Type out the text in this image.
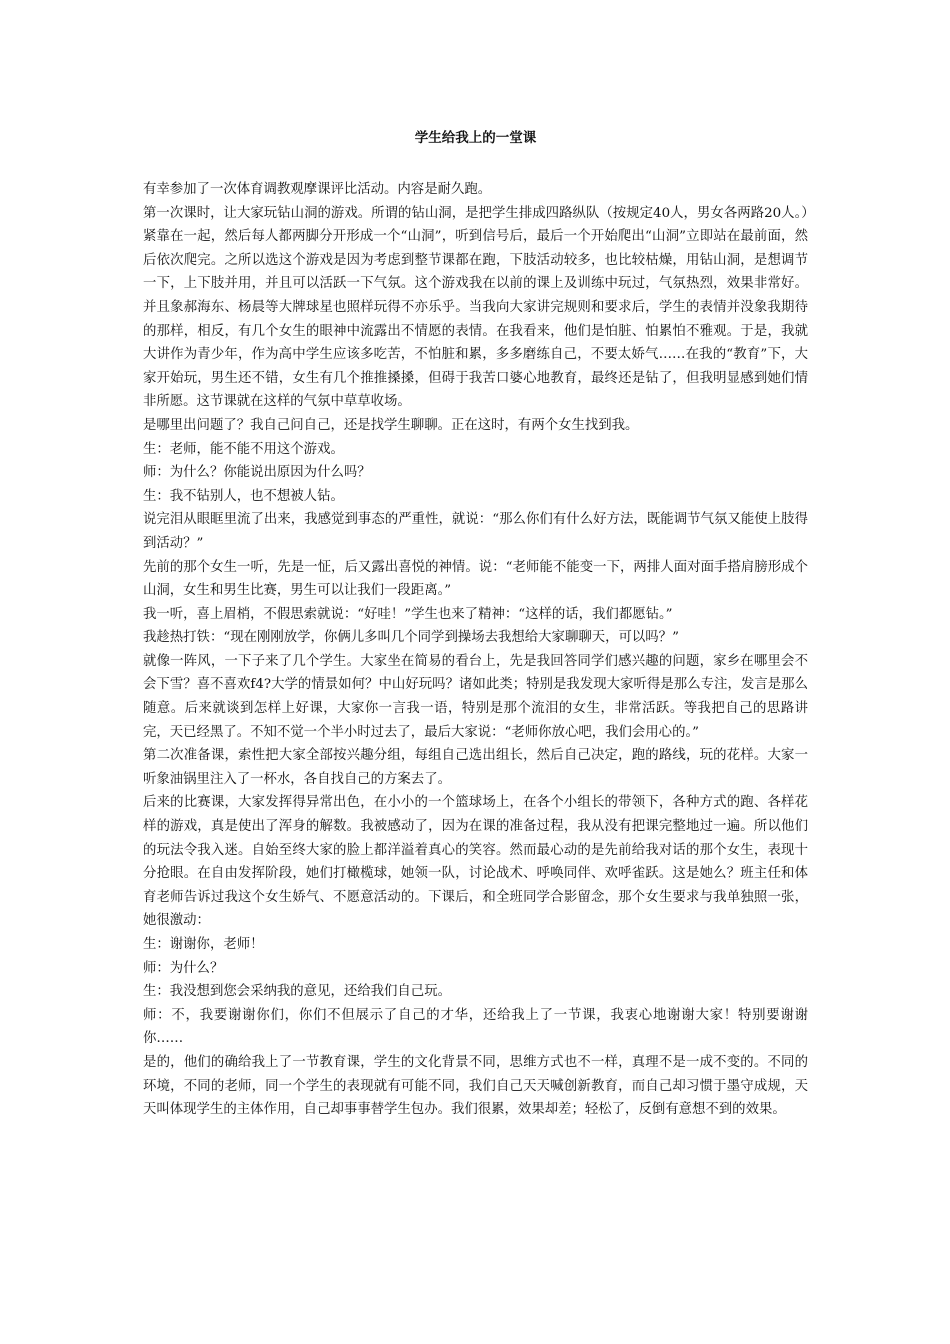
学生给我上的一堂课

有幸参加了一次体育调教观摩课评比活动。内容是耐久跑。

第一次课时，让大家玩钻山洞的游戏。所谓的钻山洞，是把学生排成四路纵队（按规定40人，男女各两路20人。）紧靠在一起，然后每人都两脚分开形成一个“山洞”，听到信号后，最后一个开始爬出“山洞”立即站在最前面，然后依次爬完。之所以选这个游戏是因为考虑到整节课都在跑，下肢活动较多，也比较枯燥，用钻山洞，是想调节一下，上下肢并用，并且可以活跃一下气氛。这个游戏我在以前的课上及训练中玩过，气氛热烈，效果非常好。并且象郝海东、杨晨等大牌球星也照样玩得不亦乐乎。当我向大家讲完规则和要求后，学生的表情并没象我期待的那样，相反，有几个女生的眼神中流露出不情愿的表情。在我看来，他们是怕脏、怕累怕不雅观。于是，我就大讲作为青少年，作为高中学生应该多吃苦，不怕脏和累，多多磨练自己，不要太娇气……在我的“教育”下，大家开始玩，男生还不错，女生有几个推推搡搡，但碍于我苦口婆心地教育，最终还是钻了，但我明显感到她们情非所愿。这节课就在这样的气氛中草草收场。

是哪里出问题了？我自己问自己，还是找学生聊聊。正在这时，有两个女生找到我。

生：老师，能不能不用这个游戏。

师：为什么？你能说出原因为什么吗？

生：我不钻别人，也不想被人钻。

说完泪从眼眶里流了出来，我感觉到事态的严重性，就说：“那么你们有什么好方法，既能调节气氛又能使上肢得到活动？”

先前的那个女生一听，先是一怔，后又露出喜悦的神情。说：“老师能不能变一下，两排人面对面手搭肩膀形成个山洞，女生和男生比赛，男生可以让我们一段距离。”

我一听，喜上眉梢，不假思索就说：“好哇！”学生也来了精神：“这样的话，我们都愿钻。”

我趁热打铁：“现在刚刚放学，你俩儿多叫几个同学到操场去我想给大家聊聊天，可以吗？”

就像一阵风，一下子来了几个学生。大家坐在简易的看台上，先是我回答同学们感兴趣的问题，家乡在哪里会不会下雪？喜不喜欢f4?大学的情景如何？中山好玩吗？诸如此类；特别是我发现大家听得是那么专注，发言是那么随意。后来就谈到怎样上好课，大家你一言我一语，特别是那个流泪的女生，非常活跃。等我把自己的思路讲完，天已经黑了。不知不觉一个半小时过去了，最后大家说：“老师你放心吧，我们会用心的。”

第二次准备课，索性把大家全部按兴趣分组，每组自己选出组长，然后自己决定，跑的路线，玩的花样。大家一听象油锅里注入了一杯水，各自找自己的方案去了。

后来的比赛课，大家发挥得异常出色，在小小的一个篮球场上，在各个小组长的带领下，各种方式的跑、各样花样的游戏，真是使出了浑身的解数。我被感动了，因为在课的准备过程，我从没有把课完整地过一遍。所以他们的玩法令我入迷。自始至终大家的脸上都洋溢着真心的笑容。然而最心动的是先前给我对话的那个女生，表现十分抢眼。在自由发挥阶段，她们打橄榄球，她领一队，讨论战术、呼唤同伴、欢呼雀跃。这是她么？班主任和体育老师告诉过我这个女生娇气、不愿意活动的。下课后，和全班同学合影留念，那个女生要求与我单独照一张，她很激动：

生：谢谢你，老师！

师：为什么？

生：我没想到您会采纳我的意见，还给我们自己玩。

师：不，我要谢谢你们，你们不但展示了自己的才华，还给我上了一节课，我衷心地谢谢大家！特别要谢谢你……

是的，他们的确给我上了一节教育课，学生的文化背景不同，思维方式也不一样，真理不是一成不变的。不同的环境，不同的老师，同一个学生的表现就有可能不同，我们自己天天喊创新教育，而自己却习惯于墨守成规，天天叫体现学生的主体作用，自己却事事替学生包办。我们很累，效果却差；轻松了，反倒有意想不到的效果。
